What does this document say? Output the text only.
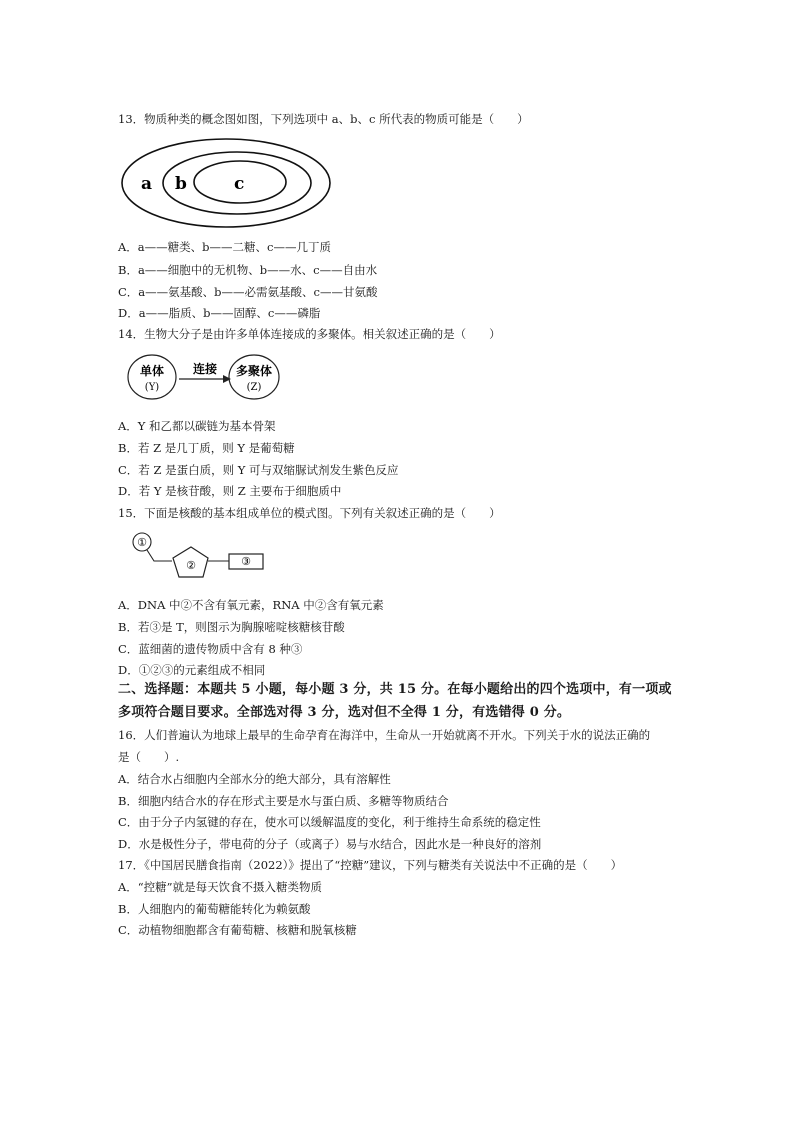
13．物质种类的概念图如图，下列选项中 a、b、c 所代表的物质可能是（　　）
a b	c
A．a——糖类、b——二糖、c——几丁质
B．a——细胞中的无机物、b——水、c——自由水
C．a——氨基酸、b——必需氨基酸、c——甘氨酸
D．a——脂质、b——固醇、c——磷脂
14．生物大分子是由许多单体连接成的多聚体。相关叙述正确的是（　　）
单体
(Y)
连接 多聚体
(Z)
A．Y 和乙都以碳链为基本骨架
B．若 Z 是几丁质，则 Y 是葡萄糖
C．若 Z 是蛋白质，则 Y 可与双缩脲试剂发生紫色反应
D．若 Y 是核苷酸，则 Z 主要布于细胞质中
15．下面是核酸的基本组成单位的模式图。下列有关叙述正确的是（　　）
①
②	③
A．DNA 中②不含有氧元素，RNA 中②含有氧元素
B．若③是 T，则图示为胸腺嘧啶核糖核苷酸
C．蓝细菌的遗传物质中含有 8 种③
D．①②③的元素组成不相同
二、选择题：本题共 5 小题，每小题 3 分，共 15 分。在每小题给出的四个选项中，有一项或
多项符合题目要求。全部选对得 3 分，选对但不全得 1 分，有选错得 0 分。
16．人们普遍认为地球上最早的生命孕育在海洋中，生命从一开始就离不开水。下列关于水的说法正确的
是（　　）.
A．结合水占细胞内全部水分的绝大部分，具有溶解性
B．细胞内结合水的存在形式主要是水与蛋白质、多糖等物质结合
C．由于分子内氢键的存在，使水可以缓解温度的变化，利于维持生命系统的稳定性
D．水是极性分子，带电荷的分子（或离子）易与水结合，因此水是一种良好的溶剂
17．《中国居民膳食指南（2022）》提出了“控糖”建议，下列与糖类有关说法中不正确的是（　　）
A．“控糖”就是每天饮食不摄入糖类物质
B．人细胞内的葡萄糖能转化为赖氨酸
C．动植物细胞都含有葡萄糖、核糖和脱氧核糖
